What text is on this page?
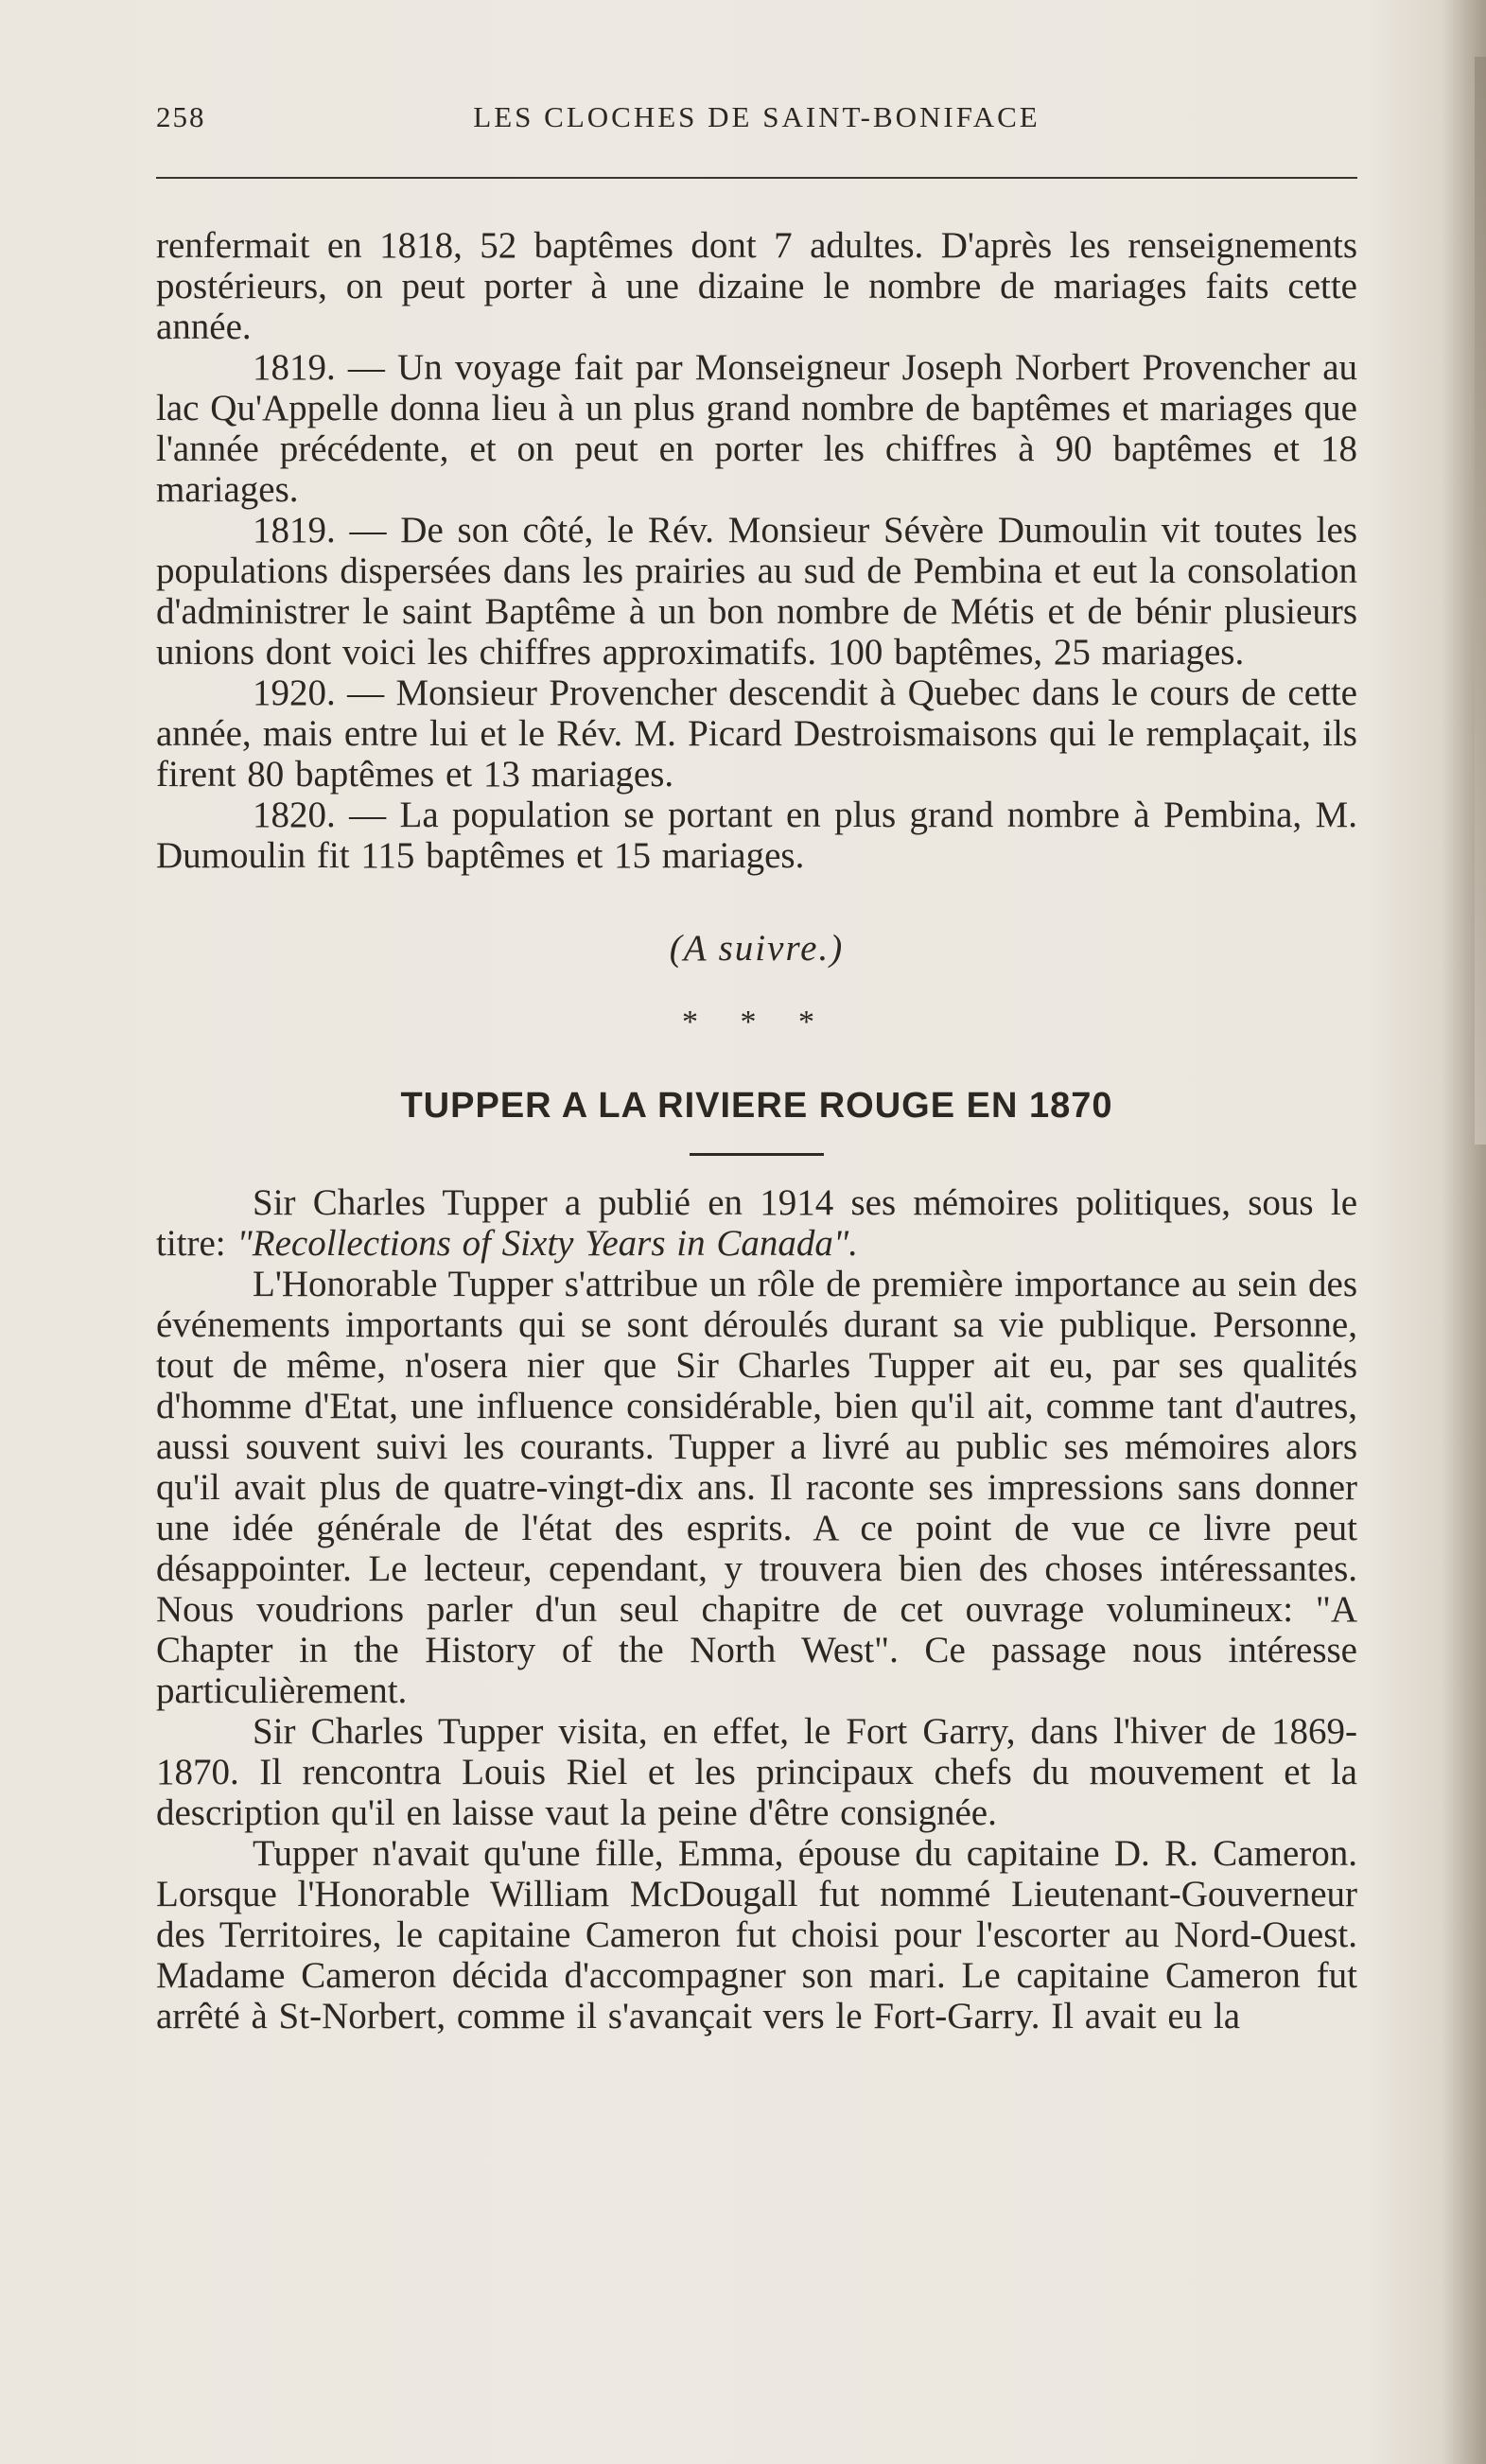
258	LES CLOCHES DE SAINT-BONIFACE

renfermait en 1818, 52 baptêmes dont 7 adultes. D'après les renseignements postérieurs, on peut porter à une dizaine le nombre de mariages faits cette année.

1819. — Un voyage fait par Monseigneur Joseph Norbert Provencher au lac Qu'Appelle donna lieu à un plus grand nombre de baptêmes et mariages que l'année précédente, et on peut en porter les chiffres à 90 baptêmes et 18 mariages.

1819. — De son côté, le Rév. Monsieur Sévère Dumoulin vit toutes les populations dispersées dans les prairies au sud de Pembina et eut la consolation d'administrer le saint Baptême à un bon nombre de Métis et de bénir plusieurs unions dont voici les chiffres approximatifs. 100 baptêmes, 25 mariages.

1920. — Monsieur Provencher descendit à Quebec dans le cours de cette année, mais entre lui et le Rév. M. Picard Destroismaisons qui le remplaçait, ils firent 80 baptêmes et 13 mariages.

1820. — La population se portant en plus grand nombre à Pembina, M. Dumoulin fit 115 baptêmes et 15 mariages.

(A suivre.)
* * *
TUPPER A LA RIVIERE ROUGE EN 1870

Sir Charles Tupper a publié en 1914 ses mémoires politiques, sous le titre: "Recollections of Sixty Years in Canada".

L'Honorable Tupper s'attribue un rôle de première importance au sein des événements importants qui se sont déroulés durant sa vie publique. Personne, tout de même, n'osera nier que Sir Charles Tupper ait eu, par ses qualités d'homme d'Etat, une influence considérable, bien qu'il ait, comme tant d'autres, aussi souvent suivi les courants. Tupper a livré au public ses mémoires alors qu'il avait plus de quatre-vingt-dix ans. Il raconte ses impressions sans donner une idée générale de l'état des esprits. A ce point de vue ce livre peut désappointer. Le lecteur, cependant, y trouvera bien des choses intéressantes. Nous voudrions parler d'un seul chapitre de cet ouvrage volumineux: "A Chapter in the History of the North West". Ce passage nous intéresse particulièrement.

Sir Charles Tupper visita, en effet, le Fort Garry, dans l'hiver de 1869-1870. Il rencontra Louis Riel et les principaux chefs du mouvement et la description qu'il en laisse vaut la peine d'être consignée.

Tupper n'avait qu'une fille, Emma, épouse du capitaine D. R. Cameron. Lorsque l'Honorable William McDougall fut nommé Lieutenant-Gouverneur des Territoires, le capitaine Cameron fut choisi pour l'escorter au Nord-Ouest. Madame Cameron décida d'accompagner son mari. Le capitaine Cameron fut arrêté à St-Norbert, comme il s'avançait vers le Fort-Garry. Il avait eu la
